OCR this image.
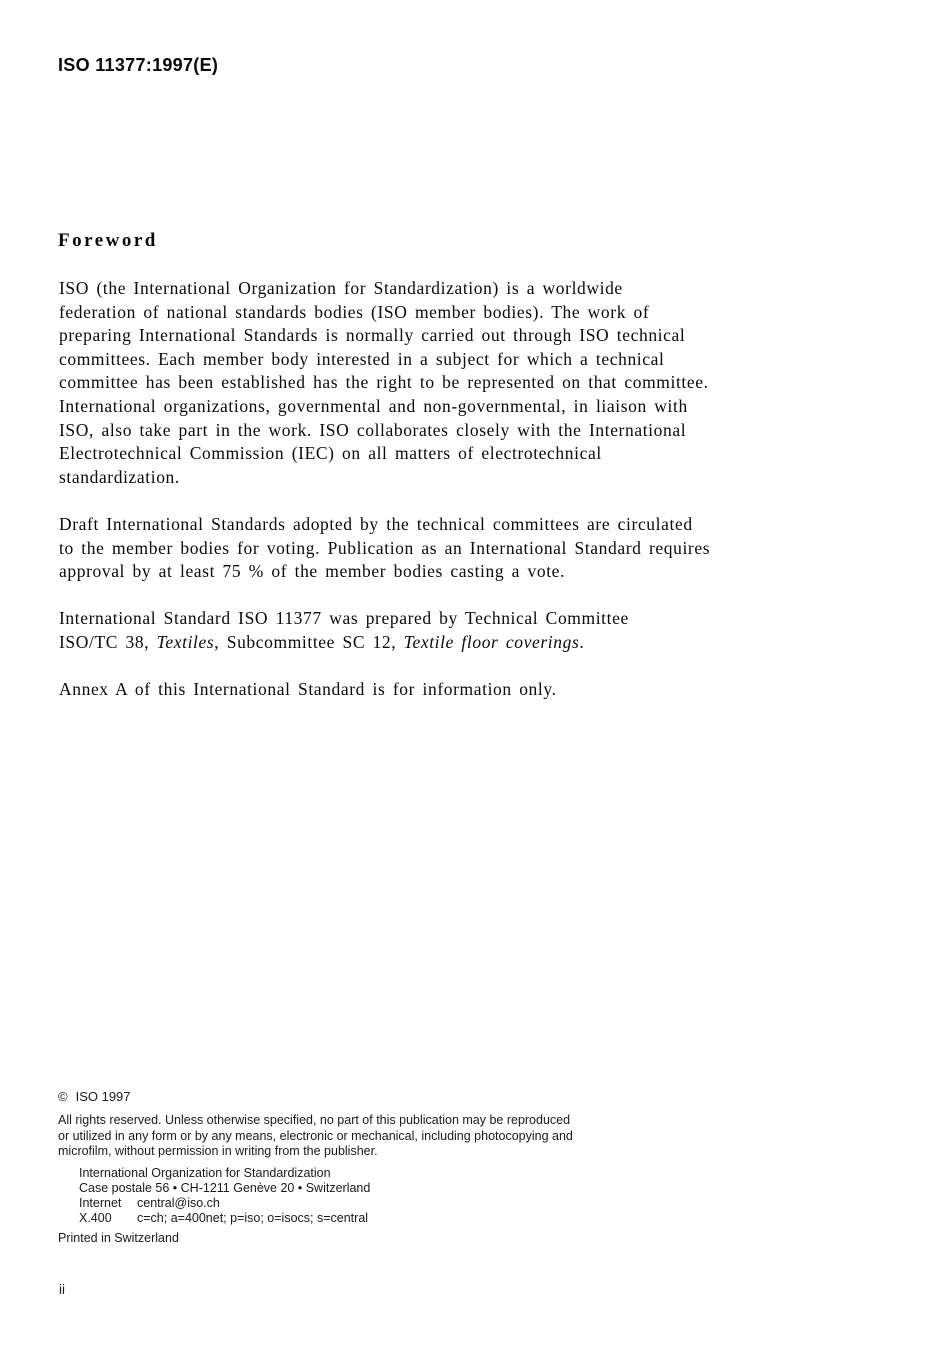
ISO 11377:1997(E)
Foreword

ISO (the International Organization for Standardization) is a worldwide
federation of national standards bodies (ISO member bodies). The work of
preparing International Standards is normally carried out through ISO technical
committees. Each member body interested in a subject for which a technical
committee has been established has the right to be represented on that committee.
International organizations, governmental and non-governmental, in liaison with
ISO, also take part in the work. ISO collaborates closely with the International
Electrotechnical Commission (IEC) on all matters of electrotechnical
standardization.

Draft International Standards adopted by the technical committees are circulated
to the member bodies for voting. Publication as an International Standard requires
approval by at least 75 % of the member bodies casting a vote.

International Standard ISO 11377 was prepared by Technical Committee
ISO/TC 38, Textiles, Subcommittee SC 12, Textile floor coverings.

Annex A of this International Standard is for information only.

© ISO 1997
All rights reserved. Unless otherwise specified, no part of this publication may be reproduced
or utilized in any form or by any means, electronic or mechanical, including photocopying and
microfilm, without permission in writing from the publisher.
International Organization for Standardization
Case postale 56 • CH-1211 Genève 20 • Switzerland
Internet central@iso.ch
X.400 c=ch; a=400net; p=iso; o=isocs; s=central
Printed in Switzerland
ii
